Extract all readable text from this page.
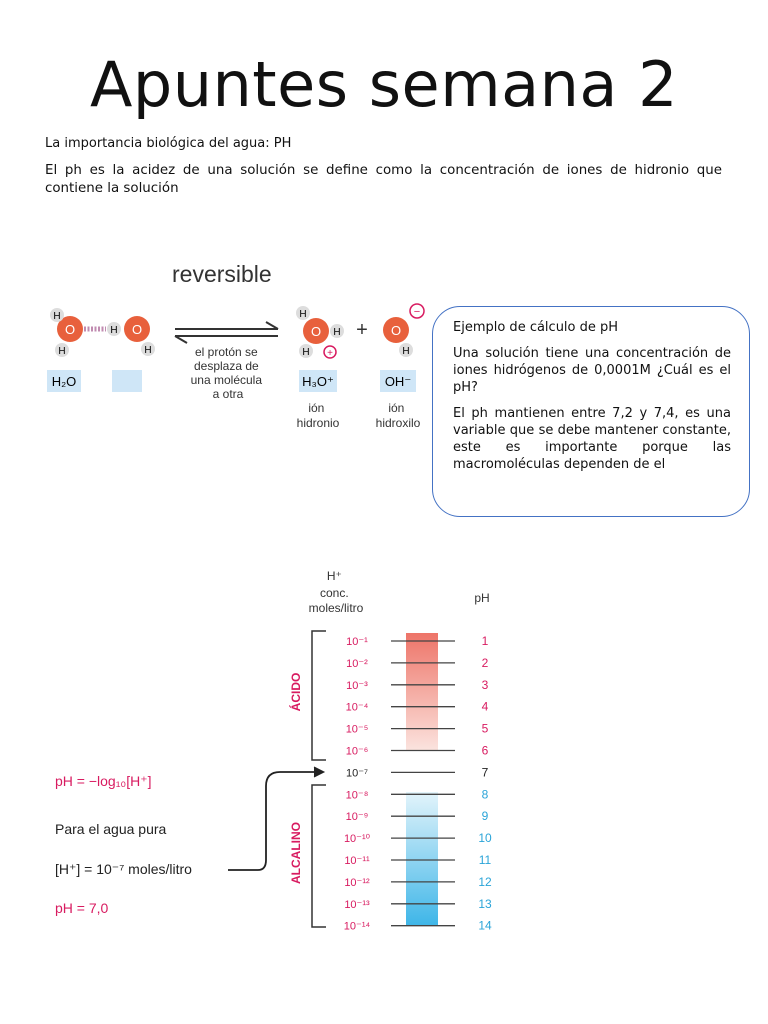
Apuntes semana 2
La importancia biológica del agua: PH
El ph es la acidez de una solución se define como la concentración de iones de hidronio que contiene la solución
reversible
O
H
H
O
H
H
H₂O
el protón se desplaza de una molécula a otra
+
O
H
H
H
+
−
O
H
H₃O⁺	OH⁻
ión hidronio
ión hidroxilo

Ejemplo de cálculo de pH

Una solución tiene una concentración de iones hidrógenos de 0,0001M ¿Cuál es el pH?

El ph mantienen entre 7,2 y 7,4, es una variable que se debe mantener constante, este es importante porque las macromoléculas dependen de el

H⁺ conc. moles/litro
pH
ÁCIDO
ALCALINO
10⁻¹	1
10⁻²	2
10⁻³	3
10⁻⁴	4
10⁻⁵	5
10⁻⁶	6
10⁻⁷	7
10⁻⁸	8
10⁻⁹	9
10⁻¹⁰	10
10⁻¹¹	11
10⁻¹²	12
10⁻¹³	13
10⁻¹⁴	14
pH = −log₁₀[H⁺]
Para el agua pura
[H⁺] = 10⁻⁷ moles/litro
pH = 7,0
